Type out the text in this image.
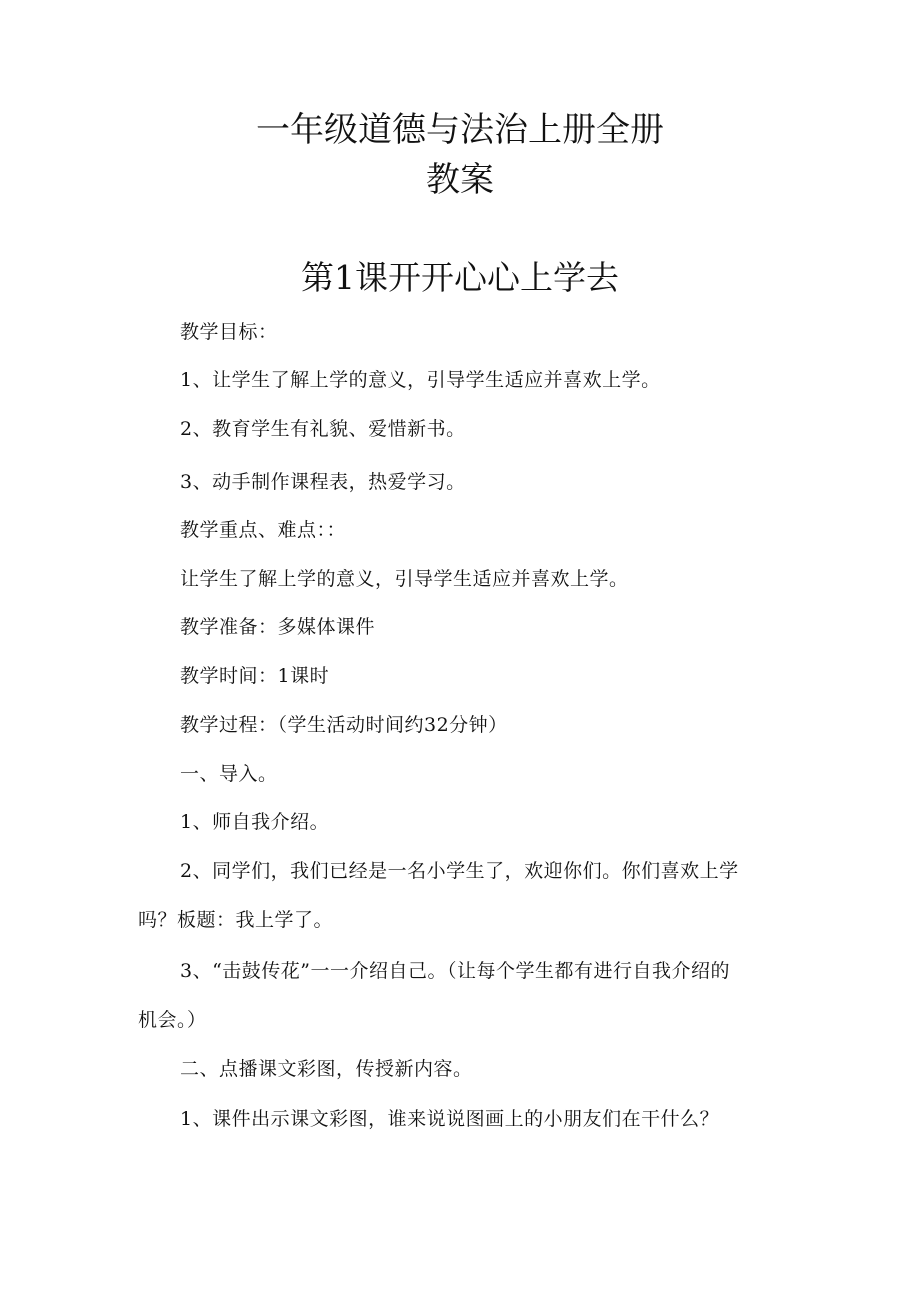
一年级道德与法治上册全册
教案
第1课开开心心上学去
教学目标：
1、让学生了解上学的意义，引导学生适应并喜欢上学。
2、教育学生有礼貌、爱惜新书。
3、动手制作课程表，热爱学习。
教学重点、难点：：
让学生了解上学的意义，引导学生适应并喜欢上学。
教学准备：多媒体课件
教学时间：1课时
教学过程：（学生活动时间约32分钟）
一、导入。
1、师自我介绍。
2、同学们，我们已经是一名小学生了，欢迎你们。你们喜欢上学
吗？板题：我上学了。
3、“击鼓传花”一一介绍自己。（让每个学生都有进行自我介绍的
机会。）
二、点播课文彩图，传授新内容。
1、课件出示课文彩图，谁来说说图画上的小朋友们在干什么？
